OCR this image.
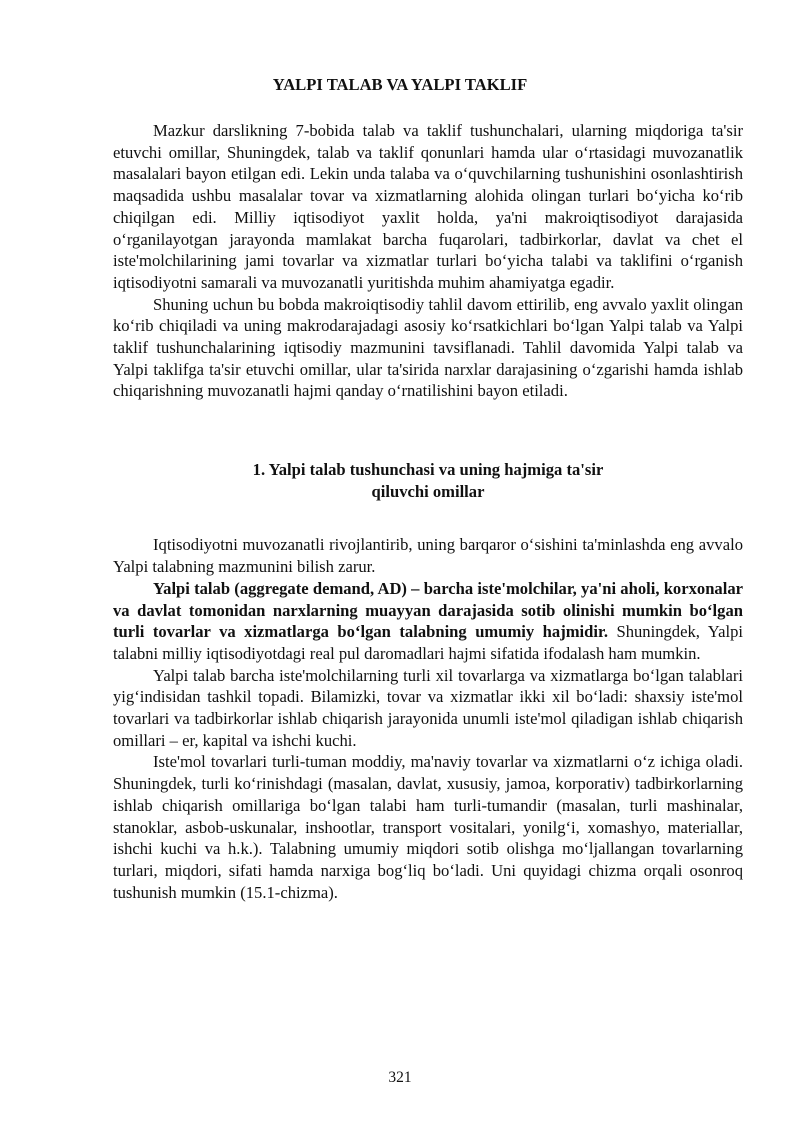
YALPI TALAB VA YALPI TAKLIF

Mazkur darslikning 7-bobida talab va taklif tushunchalari, ularning miqdoriga ta'sir etuvchi omillar, Shuningdek, talab va taklif qonunlari hamda ular o‘rtasidagi muvozanatlik masalalari bayon etilgan edi. Lekin unda talaba va o‘quvchilarning tushunishini osonlashtirish maqsadida ushbu masalalar tovar va xizmatlarning alohida olingan turlari bo‘yicha ko‘rib chiqilgan edi. Milliy iqtisodiyot yaxlit holda, ya'ni makroiqtisodiyot darajasida o‘rganilayotgan jarayonda mamlakat barcha fuqarolari, tadbirkorlar, davlat va chet el iste'molchilarining jami tovarlar va xizmatlar turlari bo‘yicha talabi va taklifini o‘rganish iqtisodiyotni samarali va muvozanatli yuritishda muhim ahamiyatga egadir.

Shuning uchun bu bobda makroiqtisodiy tahlil davom ettirilib, eng avvalo yaxlit olingan ko‘rib chiqiladi va uning makrodarajadagi asosiy ko‘rsatkichlari bo‘lgan Yalpi talab va Yalpi taklif tushunchalarining iqtisodiy mazmunini tavsiflanadi. Tahlil davomida Yalpi talab va Yalpi taklifga ta'sir etuvchi omillar, ular ta'sirida narxlar darajasining o‘zgarishi hamda ishlab chiqarishning muvozanatli hajmi qanday o‘rnatilishini bayon etiladi.

1. Yalpi talab tushunchasi va uning hajmiga ta'sir
qiluvchi omillar

Iqtisodiyotni muvozanatli rivojlantirib, uning barqaror o‘sishini ta'minlashda eng avvalo Yalpi talabning mazmunini bilish zarur.

Yalpi talab (aggregate demand, AD) – barcha iste'molchilar, ya'ni aholi, korxonalar va davlat tomonidan narxlarning muayyan darajasida sotib olinishi mumkin bo‘lgan turli tovarlar va xizmatlarga bo‘lgan talabning umumiy hajmidir. Shuningdek, Yalpi talabni milliy iqtisodiyotdagi real pul daromadlari hajmi sifatida ifodalash ham mumkin.

Yalpi talab barcha iste'molchilarning turli xil tovarlarga va xizmatlarga bo‘lgan talablari yig‘indisidan tashkil topadi. Bilamizki, tovar va xizmatlar ikki xil bo‘ladi: shaxsiy iste'mol tovarlari va tadbirkorlar ishlab chiqarish jarayonida unumli iste'mol qiladigan ishlab chiqarish omillari – er, kapital va ishchi kuchi.

Iste'mol tovarlari turli-tuman moddiy, ma'naviy tovarlar va xizmatlarni o‘z ichiga oladi. Shuningdek, turli ko‘rinishdagi (masalan, davlat, xususiy, jamoa, korporativ) tadbirkorlarning ishlab chiqarish omillariga bo‘lgan talabi ham turli-tumandir (masalan, turli mashinalar, stanoklar, asbob-uskunalar, inshootlar, transport vositalari, yonilg‘i, xomashyo, materiallar, ishchi kuchi va h.k.). Talabning umumiy miqdori sotib olishga mo‘ljallangan tovarlarning turlari, miqdori, sifati hamda narxiga bog‘liq bo‘ladi. Uni quyidagi chizma orqali osonroq tushunish mumkin (15.1-chizma).

321
